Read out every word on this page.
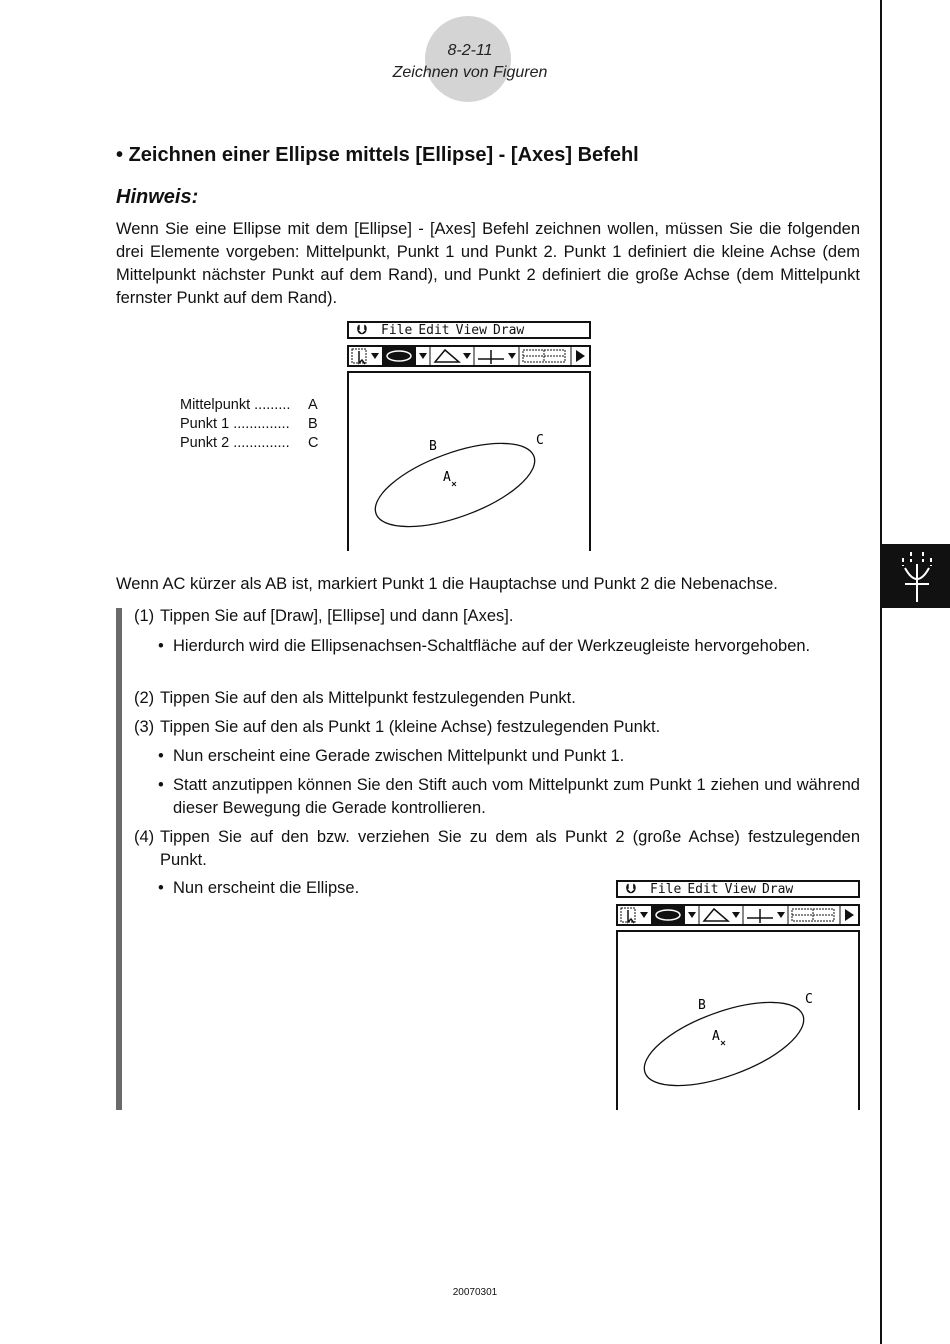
8-2-11
Zeichnen von Figuren
• Zeichnen einer Ellipse mittels [Ellipse] - [Axes] Befehl
Hinweis:
Wenn Sie eine Ellipse mit dem [Ellipse] - [Axes] Befehl zeichnen wollen, müssen Sie die folgenden drei Elemente vorgeben: Mittelpunkt, Punkt 1 und Punkt 2. Punkt 1 definiert die kleine Achse (dem Mittelpunkt nächster Punkt auf dem Rand), und Punkt 2 definiert die große Achse (dem Mittelpunkt fernster Punkt auf dem Rand).
Mittelpunkt .........	A
Punkt 1 ..............	B
Punkt 2 ..............	C
⮋ File Edit View Draw
A
B	C
Wenn AC kürzer als AB ist, markiert Punkt 1 die Hauptachse und Punkt 2 die Nebenachse.
(1) Tippen Sie auf [Draw], [Ellipse] und dann [Axes].
• Hierdurch wird die Ellipsenachsen-Schaltfläche auf der Werkzeugleiste hervorgehoben.
(2) Tippen Sie auf den als Mittelpunkt festzulegenden Punkt.
(3) Tippen Sie auf den als Punkt 1 (kleine Achse) festzulegenden Punkt.
• Nun erscheint eine Gerade zwischen Mittelpunkt und Punkt 1.
• Statt anzutippen können Sie den Stift auch vom Mittelpunkt zum Punkt 1 ziehen und während dieser Bewegung die Gerade kontrollieren.
(4) Tippen Sie auf den bzw. verziehen Sie zu dem als Punkt 2 (große Achse) festzulegenden Punkt.
• Nun erscheint die Ellipse.	⮋ File Edit View Draw
A
B	C
20070301
